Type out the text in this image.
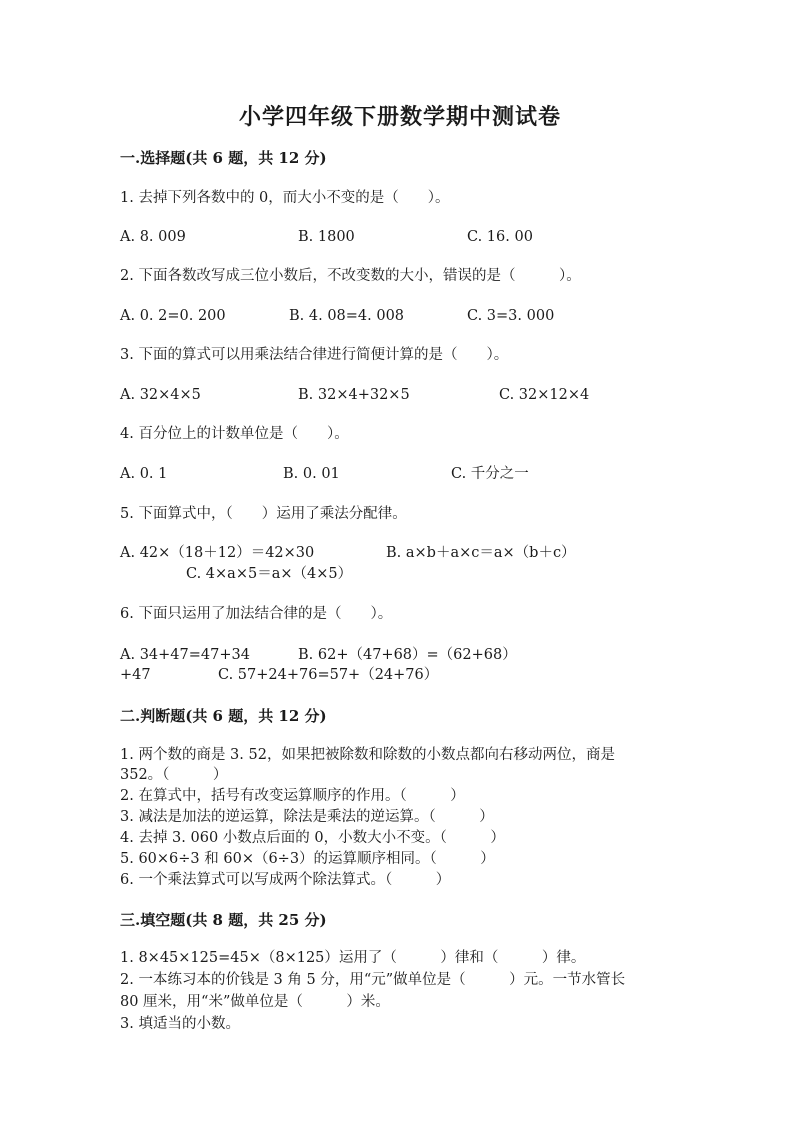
小学四年级下册数学期中测试卷
一.选择题(共 6 题，共 12 分)
1. 去掉下列各数中的 0，而大小不变的是（　　）。
A. 8. 009	B. 1800	C. 16. 00
2. 下面各数改写成三位小数后，不改变数的大小，错误的是（　　　）。
A. 0. 2=0. 200	B. 4. 08=4. 008	C. 3=3. 000
3. 下面的算式可以用乘法结合律进行简便计算的是（　　）。
A. 32×4×5	B. 32×4+32×5	C. 32×12×4
4. 百分位上的计数单位是（　　）。
A. 0. 1	B. 0. 01	C. 千分之一
5. 下面算式中，（　　）运用了乘法分配律。
A. 42×（18＋12）＝42×30	B. a×b＋a×c＝a×（b＋c）
C. 4×a×5＝a×（4×5）
6. 下面只运用了加法结合律的是（　　）。
A. 34+47=47+34	B. 62+（47+68）=（62+68）
+47	C. 57+24+76=57+（24+76）
二.判断题(共 6 题，共 12 分)
1. 两个数的商是 3. 52，如果把被除数和除数的小数点都向右移动两位，商是
352。（　　　）
2. 在算式中，括号有改变运算顺序的作用。（　　　）
3. 减法是加法的逆运算，除法是乘法的逆运算。（　　　）
4. 去掉 3. 060 小数点后面的 0，小数大小不变。（　　　）
5. 60×6÷3 和 60×（6÷3）的运算顺序相同。（　　　）
6. 一个乘法算式可以写成两个除法算式。（　　　）
三.填空题(共 8 题，共 25 分)
1. 8×45×125=45×（8×125）运用了（　　　）律和（　　　）律。
2. 一本练习本的价钱是 3 角 5 分，用“元”做单位是（　　　）元。一节水管长
80 厘米，用“米”做单位是（　　　）米。
3. 填适当的小数。
